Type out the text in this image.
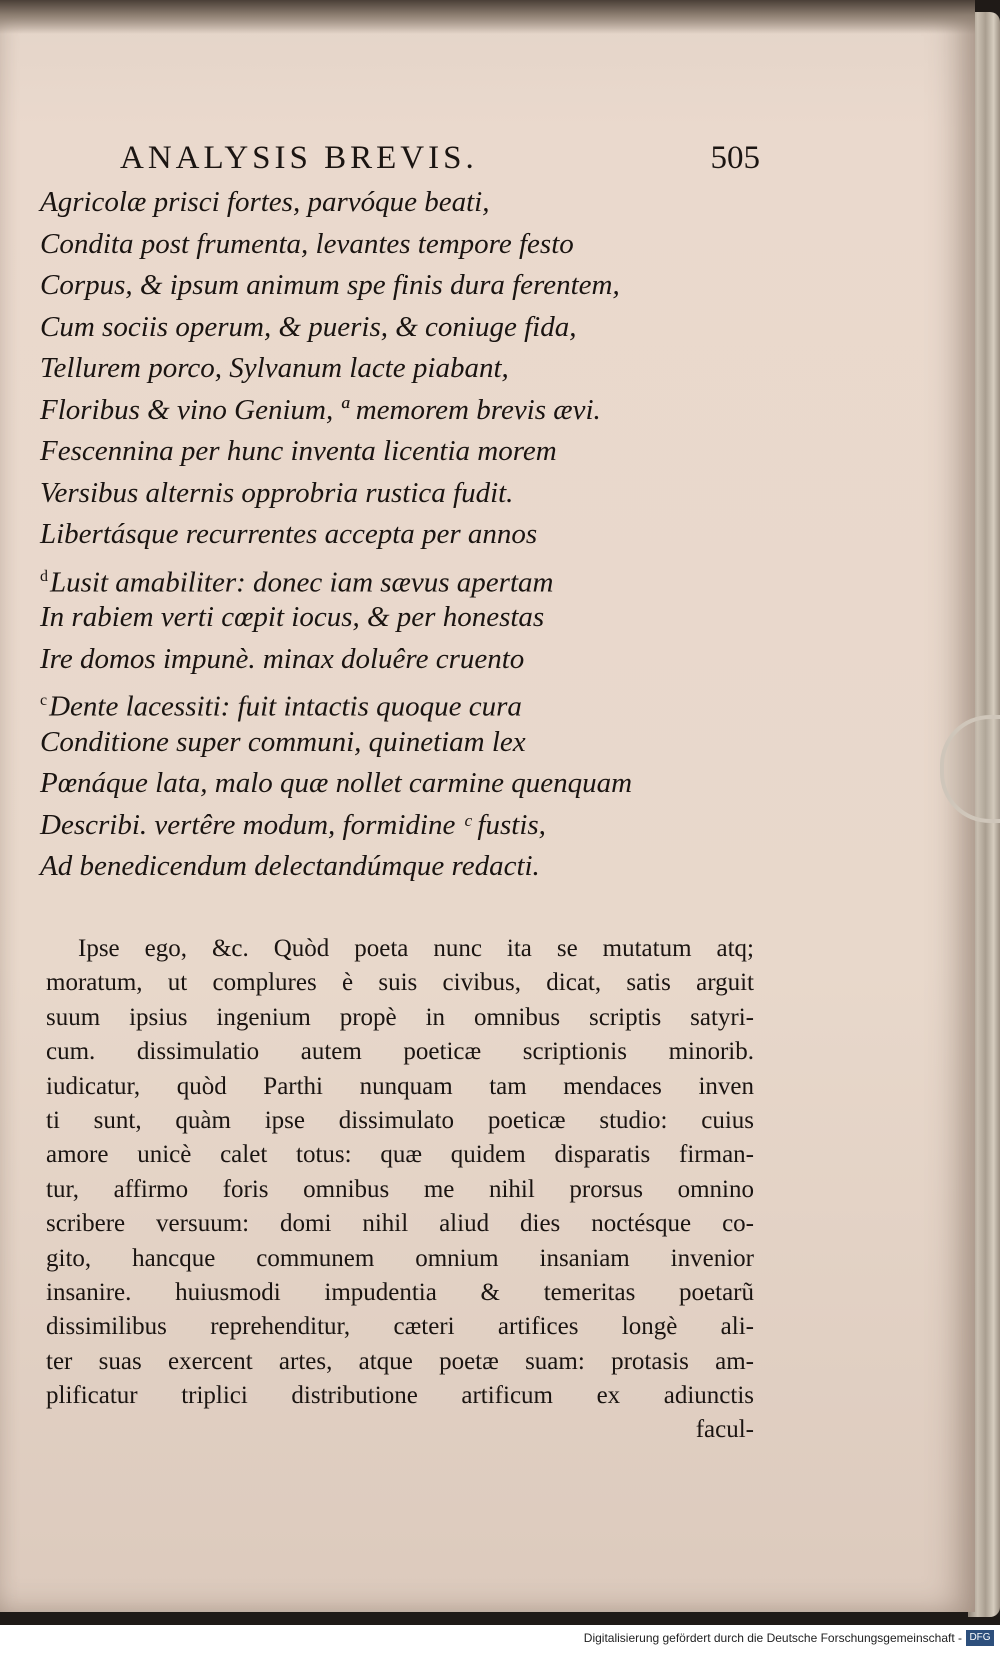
ANALYSIS BREVIS.	505
Agricolæ prisci fortes, parvóque beati,
Condita post frumenta, levantes tempore festo
Corpus, & ipsum animum spe finis dura ferentem,
Cum sociis operum, & pueris, & coniuge fida,
Tellurem porco, Sylvanum lacte piabant,
Floribus & vino Genium, ª memorem brevis ævi.
Fescennina per hunc inventa licentia morem
Versibus alternis opprobria rustica fudit.
Libertásque recurrentes accepta per annos
$^d$Lusit amabiliter: donec iam sævus apertam
In rabiem verti cœpit iocus, & per honestas
Ire domos impunè. minax doluêre cruento
$^c$Dente lacessiti: fuit intactis quoque cura
Conditione super communi, quinetiam lex
Pœnáque lata, malo quæ nollet carmine quenquam
Describi. vertêre modum, formidine ᶜ fustis,
Ad benedicendum delectandúmque redacti.
Ipse ego, &c. Quòd poeta nunc ita se mutatum atq;
moratum, ut complures è suis civibus, dicat, satis arguit
suum ipsius ingenium propè in omnibus scriptis satyri-
cum. dissimulatio autem poeticæ scriptionis minorib.
iudicatur, quòd Parthi nunquam tam mendaces inven
ti sunt, quàm ipse dissimulato poeticæ studio: cuius
amore unicè calet totus: quæ quidem disparatis firman-
tur, affirmo foris omnibus me nihil prorsus omnino
scribere versuum: domi nihil aliud dies noctésque co-
gito, hancque communem omnium insaniam invenior
insanire. huiusmodi impudentia & temeritas poetarũ
dissimilibus reprehenditur, cæteri artifices longè ali-
ter suas exercent artes, atque poetæ suam: protasis am-
plificatur triplici distributione artificum ex adiunctis
facul-
Digitalisierung gefördert durch die Deutsche Forschungsgemeinschaft - DFG
